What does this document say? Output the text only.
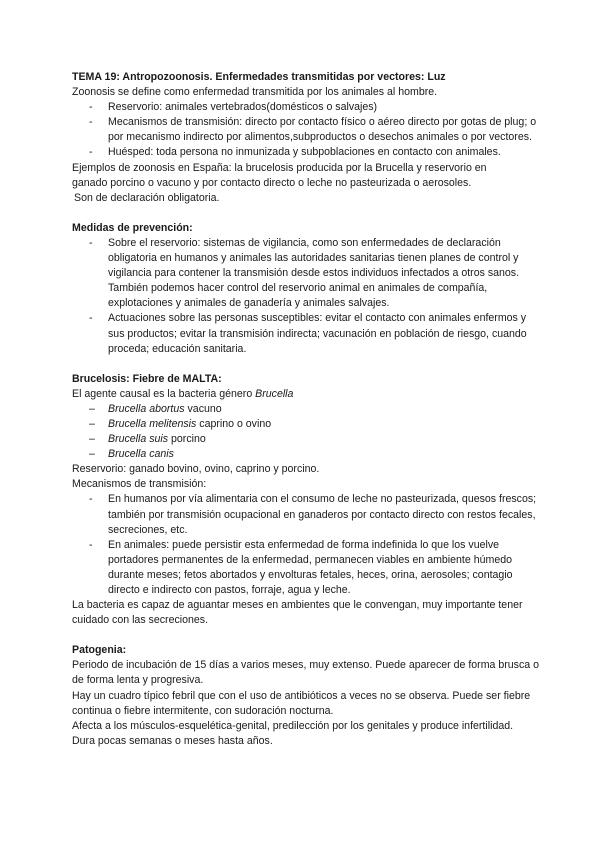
TEMA 19: Antropozoonosis. Enfermedades transmitidas por vectores: Luz

Zoonosis se define como enfermedad transmitida por los animales al hombre.

- Reservorio: animales vertebrados(domésticos o salvajes)
- Mecanismos de transmisión: directo por contacto físico o aéreo directo por gotas de plug; o por mecanismo indirecto por alimentos,subproductos o desechos animales o por vectores.
- Huésped: toda persona no inmunizada y subpoblaciones en contacto con animales.

Ejemplos de zoonosis en España: la brucelosis producida por la Brucella y reservorio en

ganado porcino o vacuno y por contacto directo o leche no pasteurizada o aerosoles.

Son de declaración obligatoria.

Medidas de prevención:

- Sobre el reservorio: sistemas de vigilancia, como son enfermedades de declaración obligatoria en humanos y animales las autoridades sanitarias tienen planes de control y vigilancia para contener la transmisión desde estos individuos infectados a otros sanos. También podemos hacer control del reservorio animal en animales de compañía, explotaciones y animales de ganadería y animales salvajes.
- Actuaciones sobre las personas susceptibles: evitar el contacto con animales enfermos y sus productos; evitar la transmisión indirecta; vacunación en población de riesgo, cuando proceda; educación sanitaria.

Brucelosis: Fiebre de MALTA:

El agente causal es la bacteria género Brucella

– Brucella abortus vacuno
– Brucella melitensis caprino o ovino
– Brucella suis porcino
– Brucella canis

Reservorio: ganado bovino, ovino, caprino y porcino.

Mecanismos de transmisión:

- En humanos por vía alimentaria con el consumo de leche no pasteurizada, quesos frescos; también por transmisión ocupacional en ganaderos por contacto directo con restos fecales, secreciones, etc.
- En animales: puede persistir esta enfermedad de forma indefinida lo que los vuelve portadores permanentes de la enfermedad, permanecen viables en ambiente húmedo durante meses; fetos abortados y envolturas fetales, heces, orina, aerosoles; contagio directo e indirecto con pastos, forraje, agua y leche.

La bacteria es capaz de aguantar meses en ambientes que le convengan, muy importante tener cuidado con las secreciones.

Patogenia:

Periodo de incubación de 15 días a varios meses, muy extenso. Puede aparecer de forma brusca o de forma lenta y progresiva.

Hay un cuadro típico febril que con el uso de antibióticos a veces no se observa. Puede ser fiebre continua o fiebre intermitente, con sudoración nocturna.

Afecta a los músculos-esquelética-genital, predilección por los genitales y produce infertilidad.

Dura pocas semanas o meses hasta años.
